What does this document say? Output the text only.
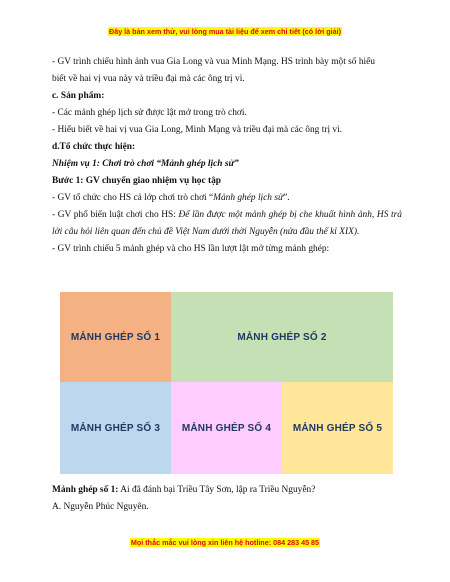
Đây là bản xem thử, vui lòng mua tài liệu để xem chi tiết (có lời giải)
- GV trình chiếu hình ảnh vua Gia Long và vua Minh Mạng. HS trình bày một số hiểu
biết về hai vị vua này và triều đại mà các ông trị vì.
c. Sản phẩm:
- Các mảnh ghép lịch sử được lật mở trong trò chơi.
- Hiểu biết về hai vị vua Gia Long, Minh Mạng và triều đại mà các ông trị vì.
d.Tổ chức thực hiện:
Nhiệm vụ 1: Chơi trò chơi “Mảnh ghép lịch sử”
Bước 1: GV chuyển giao nhiệm vụ học tập
- GV tổ chức cho HS cả lớp chơi trò chơi “Mảnh ghép lịch sử”.
- GV phổ biến luật chơi cho HS: Để lần được một mảnh ghép bị che khuất hình ảnh, HS trả lời câu hỏi liên quan đến chủ đề Việt Nam dưới thời Nguyễn (nửa đầu thế kỉ XIX).
- GV trình chiếu 5 mảnh ghép và cho HS lần lượt lật mở từng mảnh ghép:
MẢNH GHÉP SỐ 1	MẢNH GHÉP SỐ 2
MẢNH GHÉP SỐ 3	MẢNH GHÉP SỐ 4	MẢNH GHÉP SỐ 5
Mảnh ghép số 1: Ai đã đánh bại Triều Tây Sơn, lập ra Triều Nguyễn?
A. Nguyễn Phúc Nguyên.
Mọi thắc mắc vui lòng xin liên hệ hotline: 084 283 45 85
